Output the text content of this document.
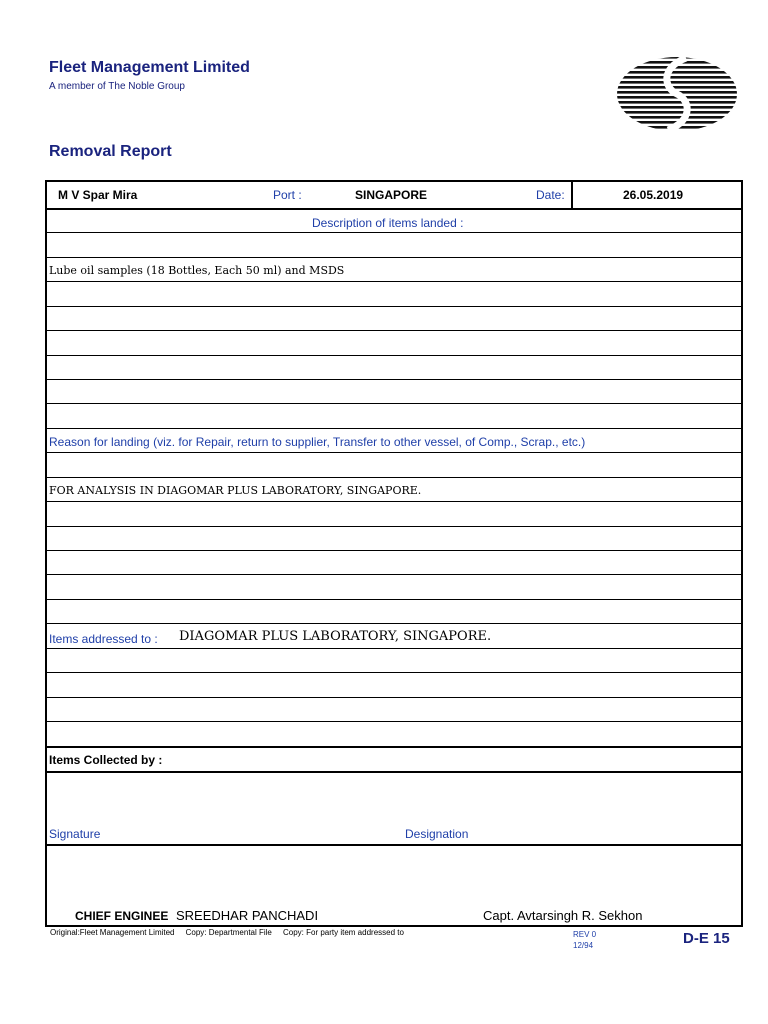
Fleet Management Limited
A member of The Noble Group
Removal Report
M V Spar Mira	Port :	SINGAPORE	Date:	26.05.2019
Description of items landed :
Lube oil samples (18 Bottles, Each 50 ml) and MSDS
Reason for landing (viz. for Repair, return to supplier, Transfer to other vessel, of Comp., Scrap., etc.)
FOR ANALYSIS IN DIAGOMAR PLUS LABORATORY, SINGAPORE.
Items addressed to : DIAGOMAR PLUS LABORATORY, SINGAPORE.
Items Collected by :
Signature	Designation
CHIEF ENGINEE SREEDHAR PANCHADI	Capt. Avtarsingh R. Sekhon
Original:Fleet Management Limited     Copy: Departmental File     Copy: For party item addressed to	REV 0
12/94	D-E 15
